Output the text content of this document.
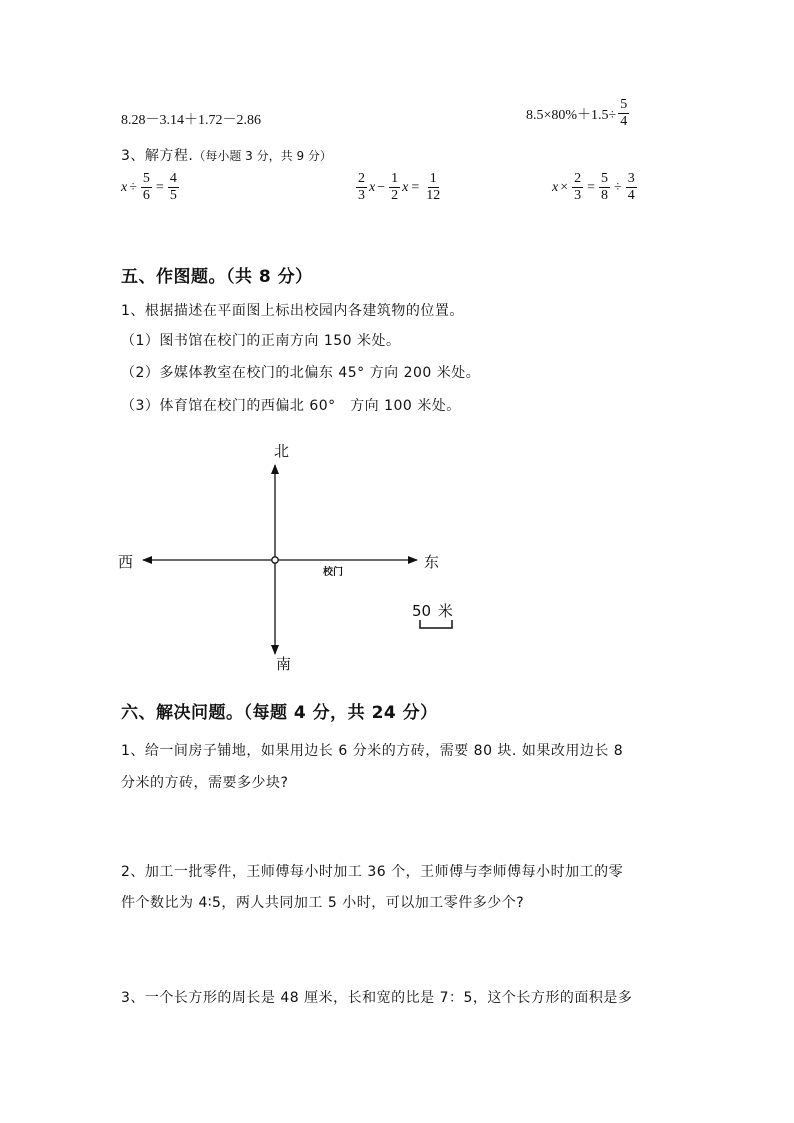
8.28－3.14＋1.72－2.86	$8.5\times 80\%+1.5\div \frac{5}{4}$
3、解方程.（每小题 3 分，共 9 分）
$x \div \frac{5}{6} = \frac{4}{5}$	$\frac{2}{3}$ $x - \frac{1}{2}$ $x = \frac{1}{12}$	$x \times \frac{2}{3} = \frac{5}{8} \div \frac{3}{4}$
五、作图题。（共 8 分）
1、根据描述在平面图上标出校园内各建筑物的位置。
（1）图书馆在校门的正南方向 150 米处。
（2）多媒体教室在校门的北偏东 45° 方向 200 米处。
（3）体育馆在校门的西偏北 60°　方向 100 米处。
北
南
西	东
校门
50 米
六、解决问题。（每题 4 分，共 24 分）
1、给一间房子铺地，如果用边长 6 分米的方砖，需要 80 块. 如果改用边长 8
分米的方砖，需要多少块?
2、加工一批零件，王师傅每小时加工 36 个，王师傅与李师傅每小时加工的零
件个数比为 4∶5，两人共同加工 5 小时，可以加工零件多少个?
3、一个长方形的周长是 48 厘米，长和宽的比是 7：5，这个长方形的面积是多
